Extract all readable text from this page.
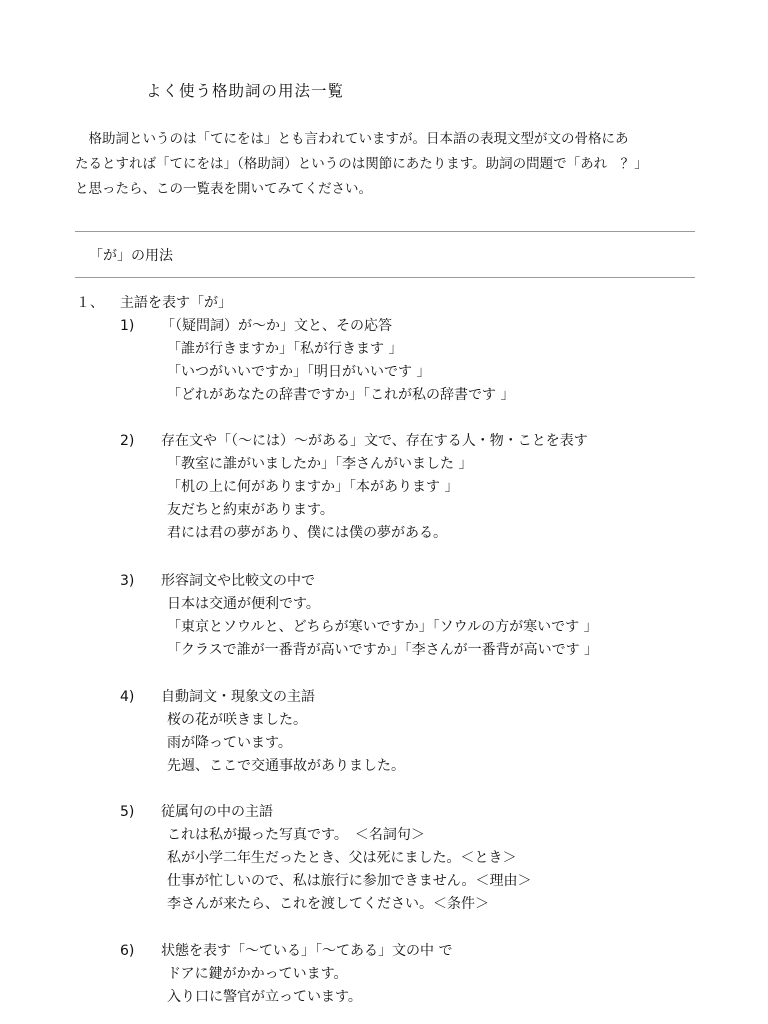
よく使う格助詞の用法一覧

　格助詞というのは「てにをは」とも言われていますが。日本語の表現文型が文の骨格にあ

たるとすれば「てにをは」（格助詞）というのは関節にあたります。助詞の問題で「あれ　？」

と思ったら、この一覧表を開いてみてください。

「が」の用法
１、 主語を表す「が」
1) 「（疑問詞）が～か」文と、その応答
「誰が行きますか」「私が行きます 」
「いつがいいですか」「明日がいいです 」
「どれがあなたの辞書ですか」「これが私の辞書です 」
2) 存在文や「（～には）～がある」文で、存在する人・物・ことを表す
「教室に誰がいましたか」「李さんがいました 」
「机の上に何がありますか」「本があります 」
友だちと約束があります。
君には君の夢があり、僕には僕の夢がある。
3) 形容詞文や比較文の中で
日本は交通が便利です。
「東京とソウルと、どちらが寒いですか」「ソウルの方が寒いです 」
「クラスで誰が一番背が高いですか」「李さんが一番背が高いです 」
4) 自動詞文・現象文の主語
桜の花が咲きました。
雨が降っています。
先週、ここで交通事故がありました。
5) 従属句の中の主語
これは私が撮った写真です。　＜名詞句＞
私が小学二年生だったとき、父は死にました。＜とき＞
仕事が忙しいので、私は旅行に参加できません。＜理由＞
李さんが来たら、これを渡してください。＜条件＞
6) 状態を表す「～ている」「～てある」文の中 で
ドアに鍵がかかっています。
入り口に警官が立っています。
